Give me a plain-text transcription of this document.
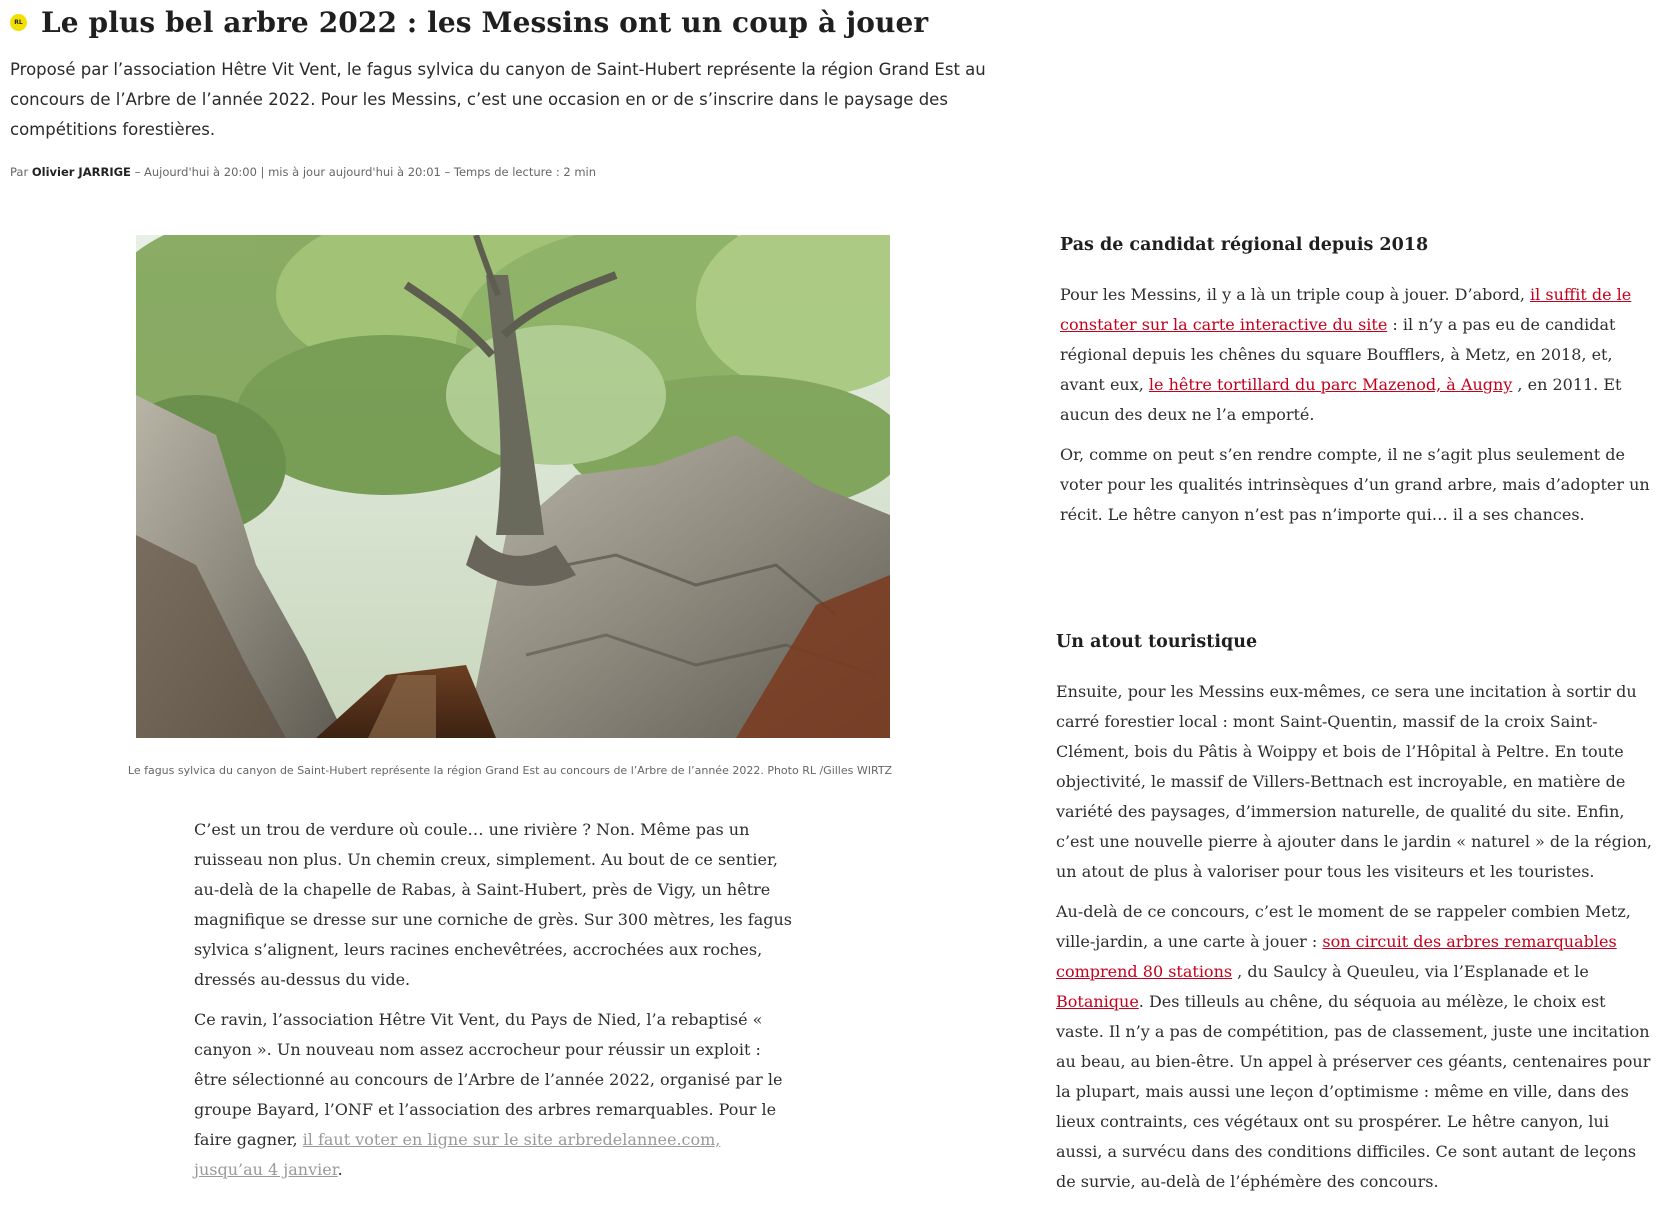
RL Le plus bel arbre 2022 : les Messins ont un coup à jouer

Proposé par l’association Hêtre Vit Vent, le fagus sylvica du canyon de Saint-Hubert représente la région Grand Est au concours de l’Arbre de l’année 2022. Pour les Messins, c’est une occasion en or de s’inscrire dans le paysage des compétitions forestières.

Par Olivier JARRIGE – Aujourd'hui à 20:00 | mis à jour aujourd'hui à 20:01 – Temps de lecture : 2 min
Le fagus sylvica du canyon de Saint-Hubert représente la région Grand Est au concours de l’Arbre de l’année 2022. Photo RL /Gilles WIRTZ

C’est un trou de verdure où coule… une rivière ? Non. Même pas un ruisseau non plus. Un chemin creux, simplement. Au bout de ce sentier, au-delà de la chapelle de Rabas, à Saint-Hubert, près de Vigy, un hêtre magnifique se dresse sur une corniche de grès. Sur 300 mètres, les fagus sylvica s’alignent, leurs racines enchevêtrées, accrochées aux roches, dressés au-dessus du vide.

Ce ravin, l’association Hêtre Vit Vent, du Pays de Nied, l’a rebaptisé « canyon ». Un nouveau nom assez accrocheur pour réussir un exploit : être sélectionné au concours de l’Arbre de l’année 2022, organisé par le groupe Bayard, l’ONF et l’association des arbres remarquables. Pour le faire gagner, il faut voter en ligne sur le site arbredelannee.com, jusqu’au 4 janvier.

Pas de candidat régional depuis 2018

Pour les Messins, il y a là un triple coup à jouer. D’abord, il suffit de le constater sur la carte interactive du site : il n’y a pas eu de candidat régional depuis les chênes du square Boufflers, à Metz, en 2018, et, avant eux, le hêtre tortillard du parc Mazenod, à Augny , en 2011. Et aucun des deux ne l’a emporté.

Or, comme on peut s’en rendre compte, il ne s’agit plus seulement de voter pour les qualités intrinsèques d’un grand arbre, mais d’adopter un récit. Le hêtre canyon n’est pas n’importe qui… il a ses chances.

Un atout touristique

Ensuite, pour les Messins eux-mêmes, ce sera une incitation à sortir du carré forestier local : mont Saint-Quentin, massif de la croix Saint-Clément, bois du Pâtis à Woippy et bois de l’Hôpital à Peltre. En toute objectivité, le massif de Villers-Bettnach est incroyable, en matière de variété des paysages, d’immersion naturelle, de qualité du site. Enfin, c’est une nouvelle pierre à ajouter dans le jardin « naturel » de la région, un atout de plus à valoriser pour tous les visiteurs et les touristes.

Au-delà de ce concours, c’est le moment de se rappeler combien Metz, ville-jardin, a une carte à jouer : son circuit des arbres remarquables comprend 80 stations , du Saulcy à Queuleu, via l’Esplanade et le Botanique. Des tilleuls au chêne, du séquoia au mélèze, le choix est vaste. Il n’y a pas de compétition, pas de classement, juste une incitation au beau, au bien-être. Un appel à préserver ces géants, centenaires pour la plupart, mais aussi une leçon d’optimisme : même en ville, dans des lieux contraints, ces végétaux ont su prospérer. Le hêtre canyon, lui aussi, a survécu dans des conditions difficiles. Ce sont autant de leçons de survie, au-delà de l’éphémère des concours.
